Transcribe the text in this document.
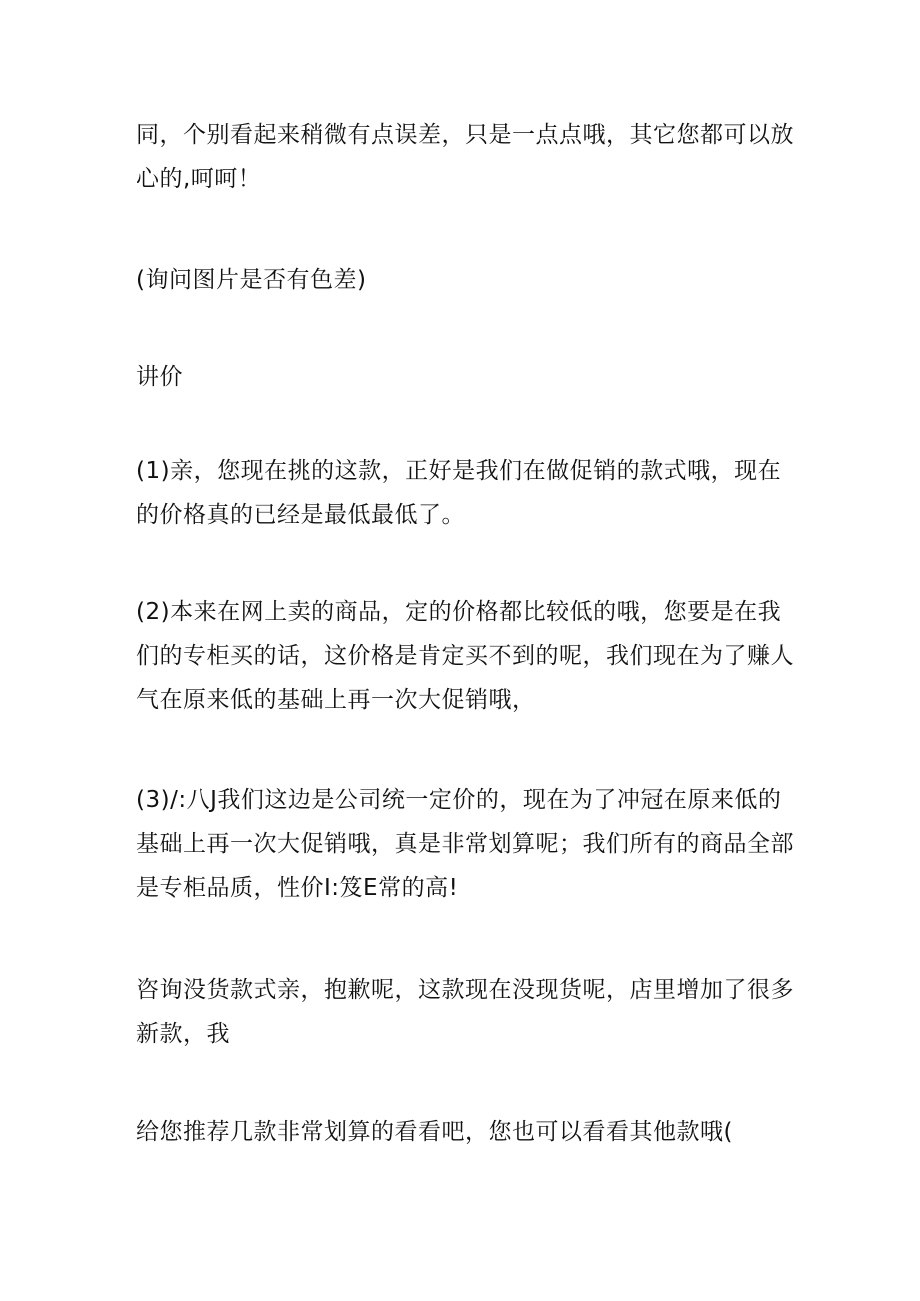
同，个别看起来稍微有点误差，只是一点点哦，其它您都可以放
心的,呵呵！

(询问图片是否有色差)

讲价

(1)亲，您现在挑的这款，正好是我们在做促销的款式哦，现在
的价格真的已经是最低最低了。

(2)本来在网上卖的商品，定的价格都比较低的哦，您要是在我
们的专柜买的话，这价格是肯定买不到的呢，我们现在为了赚人
气在原来低的基础上再一次大促销哦，

(3)/:八J我们这边是公司统一定价的，现在为了冲冠在原来低的
基础上再一次大促销哦，真是非常划算呢；我们所有的商品全部
是专柜品质，性价I:笈E常的高!

咨询没货款式亲，抱歉呢，这款现在没现货呢，店里增加了很多
新款，我

给您推荐几款非常划算的看看吧，您也可以看看其他款哦(
